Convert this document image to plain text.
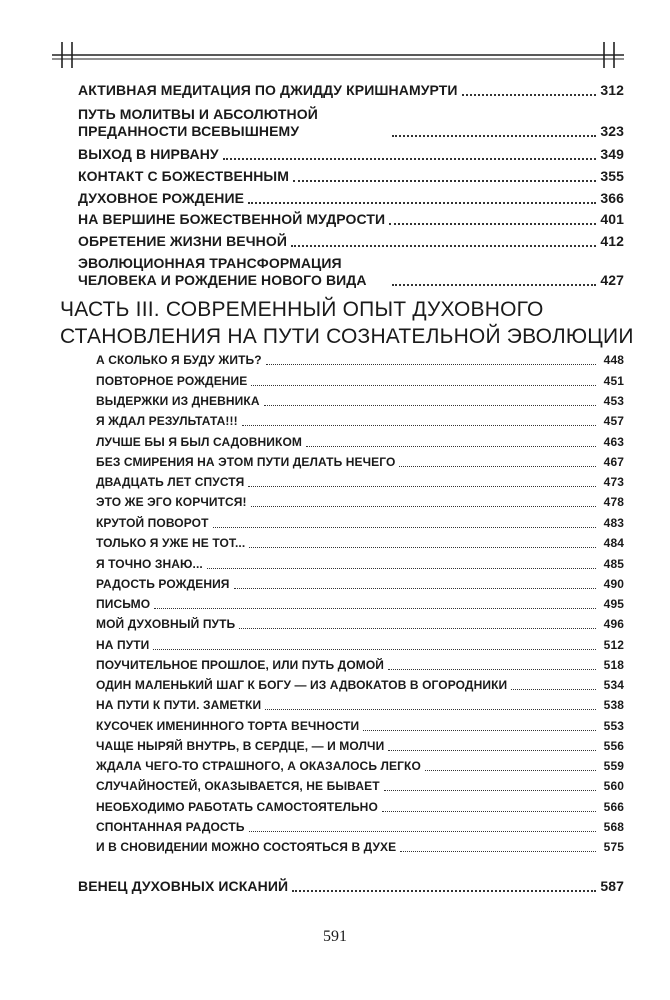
АКТИВНАЯ МЕДИТАЦИЯ ПО ДЖИДДУ КРИШНАМУРТИ	312
ПУТЬ МОЛИТВЫ И АБСОЛЮТНОЙ ПРЕДАННОСТИ ВСЕВЫШНЕМУ	323
ВЫХОД В НИРВАНУ	349
КОНТАКТ С БОЖЕСТВЕННЫМ	355
ДУХОВНОЕ РОЖДЕНИЕ	366
НА ВЕРШИНЕ БОЖЕСТВЕННОЙ МУДРОСТИ	401
ОБРЕТЕНИЕ ЖИЗНИ ВЕЧНОЙ	412
ЭВОЛЮЦИОННАЯ ТРАНСФОРМАЦИЯ ЧЕЛОВЕКА И РОЖДЕНИЕ НОВОГО ВИДА	427
ЧАСТЬ III. СОВРЕМЕННЫЙ ОПЫТ ДУХОВНОГО
СТАНОВЛЕНИЯ НА ПУТИ СОЗНАТЕЛЬНОЙ ЭВОЛЮЦИИ
А СКОЛЬКО Я БУДУ ЖИТЬ?	448
ПОВТОРНОЕ РОЖДЕНИЕ	451
ВЫДЕРЖКИ ИЗ ДНЕВНИКА	453
Я ЖДАЛ РЕЗУЛЬТАТА!!!	457
ЛУЧШЕ БЫ Я БЫЛ САДОВНИКОМ	463
БЕЗ СМИРЕНИЯ НА ЭТОМ ПУТИ ДЕЛАТЬ НЕЧЕГО	467
ДВАДЦАТЬ ЛЕТ СПУСТЯ	473
ЭТО ЖЕ ЭГО КОРЧИТСЯ!	478
КРУТОЙ ПОВОРОТ	483
ТОЛЬКО Я УЖЕ НЕ ТОТ...	484
Я ТОЧНО ЗНАЮ...	485
РАДОСТЬ РОЖДЕНИЯ	490
ПИСЬМО	495
МОЙ ДУХОВНЫЙ ПУТЬ	496
НА ПУТИ	512
ПОУЧИТЕЛЬНОЕ ПРОШЛОЕ, ИЛИ ПУТЬ ДОМОЙ	518
ОДИН МАЛЕНЬКИЙ ШАГ К БОГУ — ИЗ АДВОКАТОВ В ОГОРОДНИКИ	534
НА ПУТИ К ПУТИ. ЗАМЕТКИ	538
КУСОЧЕК ИМЕНИННОГО ТОРТА ВЕЧНОСТИ	553
ЧАЩЕ НЫРЯЙ ВНУТРЬ, В СЕРДЦЕ, — И МОЛЧИ	556
ЖДАЛА ЧЕГО-ТО СТРАШНОГО, А ОКАЗАЛОСЬ ЛЕГКО	559
СЛУЧАЙНОСТЕЙ, ОКАЗЫВАЕТСЯ, НЕ БЫВАЕТ	560
НЕОБХОДИМО РАБОТАТЬ САМОСТОЯТЕЛЬНО	566
СПОНТАННАЯ РАДОСТЬ	568
И В СНОВИДЕНИИ МОЖНО СОСТОЯТЬСЯ В ДУХЕ	575
ВЕНЕЦ ДУХОВНЫХ ИСКАНИЙ	587
591
